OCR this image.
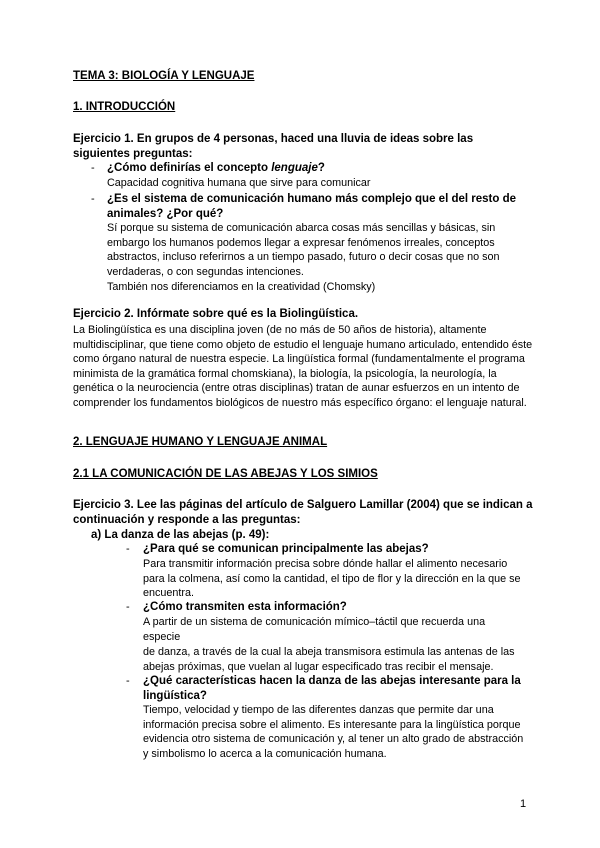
TEMA 3: BIOLOGÍA Y LENGUAJE
1. INTRODUCCIÓN
Ejercicio 1. En grupos de 4 personas, haced una lluvia de ideas sobre las siguientes preguntas:
- ¿Cómo definirías el concepto lenguaje?
Capacidad cognitiva humana que sirve para comunicar
- ¿Es el sistema de comunicación humano más complejo que el del resto de animales? ¿Por qué?
Sí porque su sistema de comunicación abarca cosas más sencillas y básicas, sin embargo los humanos podemos llegar a expresar fenómenos irreales, conceptos abstractos, incluso referirnos a un tiempo pasado, futuro o decir cosas que no son verdaderas, o con segundas intenciones.
También nos diferenciamos en la creatividad (Chomsky)
Ejercicio 2. Infórmate sobre qué es la Biolingüística.
La Biolingüística es una disciplina joven (de no más de 50 años de historia), altamente multidisciplinar, que tiene como objeto de estudio el lenguaje humano articulado, entendido éste como órgano natural de nuestra especie. La lingüística formal (fundamentalmente el programa minimista de la gramática formal chomskiana), la biología, la psicología, la neurología, la genética o la neurociencia (entre otras disciplinas) tratan de aunar esfuerzos en un intento de comprender los fundamentos biológicos de nuestro más específico órgano: el lenguaje natural.
2. LENGUAJE HUMANO Y LENGUAJE ANIMAL
2.1 LA COMUNICACIÓN DE LAS ABEJAS Y LOS SIMIOS
Ejercicio 3. Lee las páginas del artículo de Salguero Lamillar (2004) que se indican a continuación y responde a las preguntas:
a) La danza de las abejas (p. 49):
- ¿Para qué se comunican principalmente las abejas?
Para transmitir información precisa sobre dónde hallar el alimento necesario para la colmena, así como la cantidad, el tipo de flor y la dirección en la que se encuentra.
- ¿Cómo transmiten esta información?
A partir de un sistema de comunicación mímico–táctil que recuerda una
especie
de danza, a través de la cual la abeja transmisora estimula las antenas de las abejas próximas, que vuelan al lugar especificado tras recibir el mensaje.
- ¿Qué características hacen la danza de las abejas interesante para la lingüística?
Tiempo, velocidad y tiempo de las diferentes danzas que permite dar una información precisa sobre el alimento. Es interesante para la lingüística porque evidencia otro sistema de comunicación y, al tener un alto grado de abstracción y simbolismo lo acerca a la comunicación humana.
1
